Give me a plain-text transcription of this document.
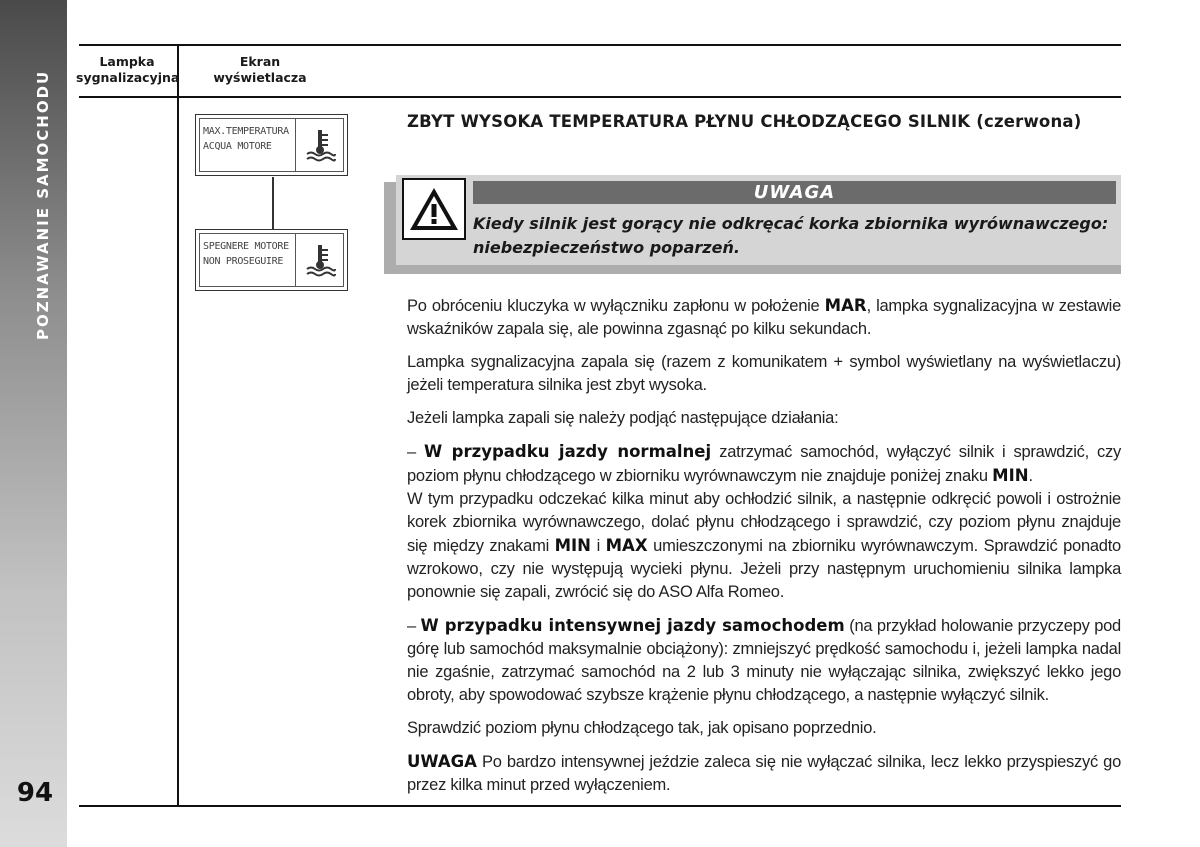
POZNAWANIE SAMOCHODU
94
Lampka
sygnalizacyjna
Ekran
wyświetlacza
MAX.TEMPERATURA
ACQUA MOTORE
SPEGNERE MOTORE
NON PROSEGUIRE
ZBYT WYSOKA TEMPERATURA PŁYNU CHŁODZĄCEGO SILNIK (czerwona)
UWAGA
Kiedy silnik jest gorący nie odkręcać korka zbiornika wyrównawczego: niebezpieczeństwo poparzeń.

Po obróceniu kluczyka w wyłączniku zapłonu w położenie MAR, lampka sygnalizacyjna w zestawie wskaźników zapala się, ale powinna zgasnąć po kilku sekundach.

Lampka sygnalizacyjna zapala się (razem z komunikatem + symbol wyświetlany na wyświetlaczu) jeżeli temperatura silnika jest zbyt wysoka.

Jeżeli lampka zapali się należy podjąć następujące działania:

– W przypadku jazdy normalnej zatrzymać samochód, wyłączyć silnik i sprawdzić, czy poziom płynu chłodzącego w zbiorniku wyrównawczym nie znajduje poniżej znaku MIN.

W tym przypadku odczekać kilka minut aby ochłodzić silnik, a następnie odkręcić powoli i ostrożnie korek zbiornika wyrównawczego, dolać płynu chłodzącego i sprawdzić, czy poziom płynu znajduje się między znakami MIN i MAX umieszczonymi na zbiorniku wyrównawczym. Sprawdzić ponadto wzrokowo, czy nie występują wycieki płynu. Jeżeli przy następnym uruchomieniu silnika lampka ponownie się zapali, zwrócić się do ASO Alfa Romeo.

– W przypadku intensywnej jazdy samochodem (na przykład holowanie przyczepy pod górę lub samochód maksymalnie obciążony): zmniejszyć prędkość samochodu i, jeżeli lampka nadal nie zgaśnie, zatrzymać samochód na 2 lub 3 minuty nie wyłączając silnika, zwiększyć lekko jego obroty, aby spowodować szybsze krążenie płynu chłodzącego, a następnie wyłączyć silnik.

Sprawdzić poziom płynu chłodzącego tak, jak opisano poprzednio.

UWAGA Po bardzo intensywnej jeździe zaleca się nie wyłączać silnika, lecz lekko przyspieszyć go przez kilka minut przed wyłączeniem.
